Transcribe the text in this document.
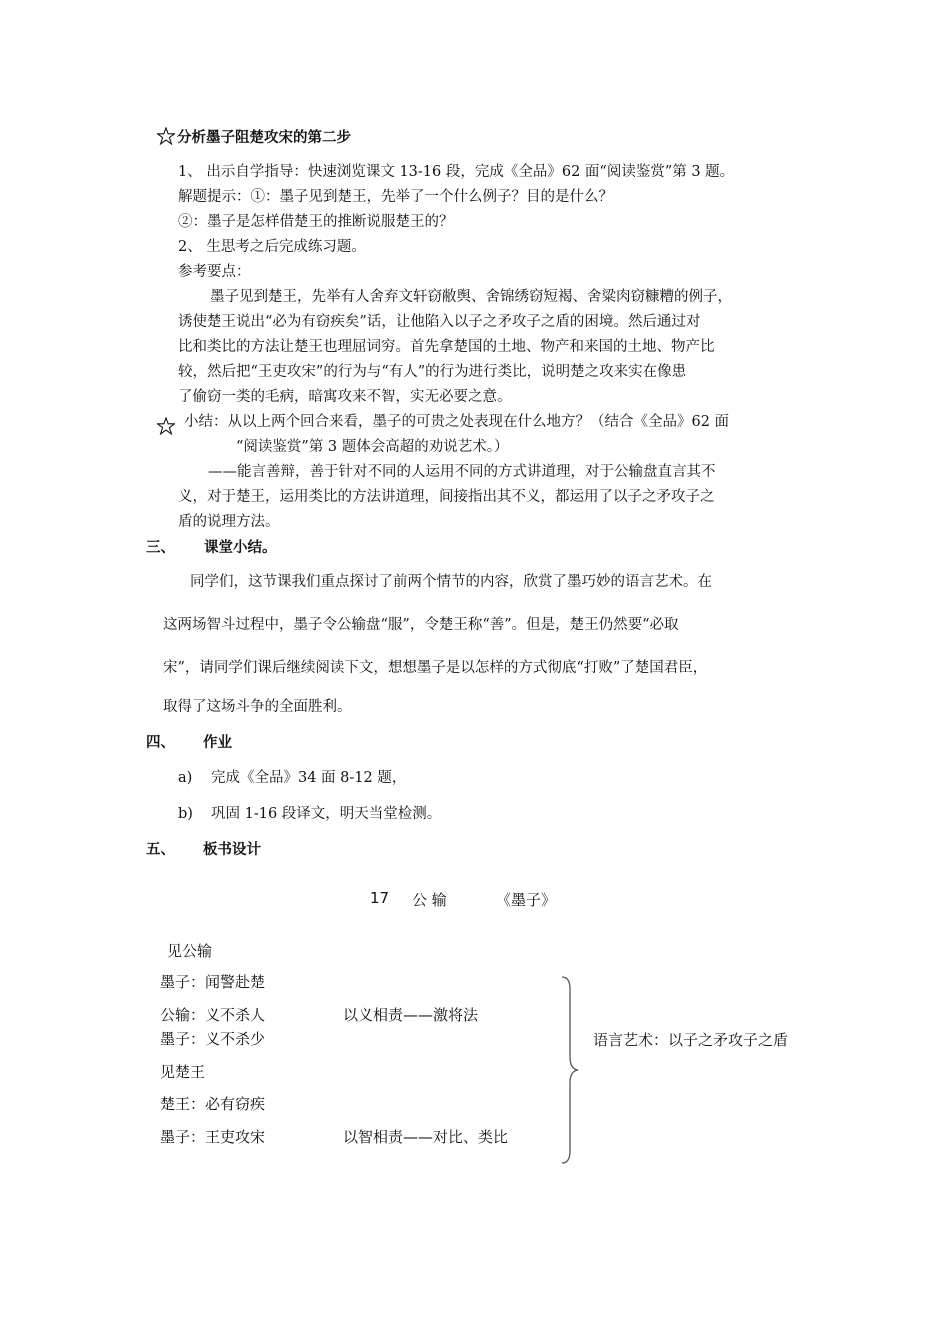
分析墨子阻楚攻宋的第二步
1、 出示自学指导：快速浏览课文 13-16 段，完成《全品》62 面“阅读鉴赏”第 3 题。
解题提示：①：墨子见到楚王，先举了一个什么例子？目的是什么？
②：墨子是怎样借楚王的推断说服楚王的？
2、 生思考之后完成练习题。
参考要点：
墨子见到楚王，先举有人舍弃文轩窃敝舆、舍锦绣窃短褐、舍粱肉窃糠糟的例子，
诱使楚王说出“必为有窃疾矣”话，让他陷入以子之矛攻子之盾的困境。然后通过对
比和类比的方法让楚王也理屈词穷。首先拿楚国的土地、物产和来国的土地、物产比
较，然后把“王吏攻宋”的行为与“有人”的行为进行类比，说明楚之攻来实在像患
了偷窃一类的毛病，暗寓攻来不智，实无必要之意。
小结：从以上两个回合来看，墨子的可贵之处表现在什么地方？（结合《全品》62 面
“阅读鉴赏”第 3 题体会高超的劝说艺术。）
——能言善辩，善于针对不同的人运用不同的方式讲道理，对于公输盘直言其不
义，对于楚王，运用类比的方法讲道理，间接指出其不义，都运用了以子之矛攻子之
盾的说理方法。
三、 课堂小结。
同学们，这节课我们重点探讨了前两个情节的内容，欣赏了墨巧妙的语言艺术。在
这两场智斗过程中，墨子令公输盘“服”，令楚王称“善”。但是，楚王仍然要“必取
宋”，请同学们课后继续阅读下文，想想墨子是以怎样的方式彻底“打败”了楚国君臣，
取得了这场斗争的全面胜利。
四、 作业
a) 完成《全品》34 面 8-12 题，
b) 巩固 1-16 段译文，明天当堂检测。
五、 板书设计
17 公 输	《墨子》
见公输
墨子：闻警赴楚
公输：义不杀人	以义相责——激将法
墨子：义不杀少
见楚王
楚王：必有窃疾
墨子：王吏攻宋	以智相责——对比、类比
语言艺术：以子之矛攻子之盾
